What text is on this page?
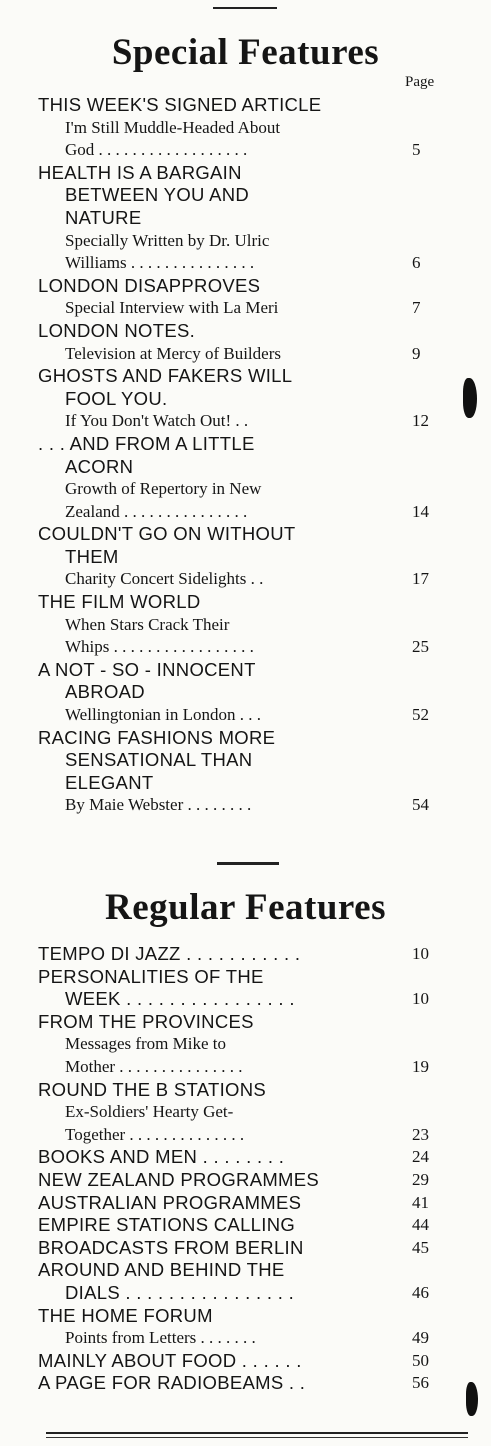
Special Features
Page
THIS WEEK'S SIGNED ARTICLE
I'm Still Muddle-Headed About
God . . . . . . . . . . . . . . . . . .	5
HEALTH IS A BARGAIN
BETWEEN YOU AND
NATURE
Specially Written by Dr. Ulric
Williams . . . . . . . . . . . . . . .	6
LONDON DISAPPROVES
Special Interview with La Meri	7
LONDON NOTES.
Television at Mercy of Builders	9
GHOSTS AND FAKERS WILL
FOOL YOU.
If You Don't Watch Out! . .	12
. . . AND FROM A LITTLE
ACORN
Growth of Repertory in New
Zealand . . . . . . . . . . . . . . .	14
COULDN'T GO ON WITHOUT
THEM
Charity Concert Sidelights . .	17
THE FILM WORLD
When Stars Crack Their
Whips . . . . . . . . . . . . . . . . .	25
A NOT - SO - INNOCENT
ABROAD
Wellingtonian in London . . .	52
RACING FASHIONS MORE
SENSATIONAL THAN
ELEGANT
By Maie Webster . . . . . . . .	54
Regular Features
TEMPO DI JAZZ . . . . . . . . . . .	10
PERSONALITIES OF THE
WEEK . . . . . . . . . . . . . . . .	10
FROM THE PROVINCES
Messages from Mike to
Mother . . . . . . . . . . . . . . .	19
ROUND THE B STATIONS
Ex-Soldiers' Hearty Get-
Together . . . . . . . . . . . . . .	23
BOOKS AND MEN . . . . . . . .	24
NEW ZEALAND PROGRAMMES	29
AUSTRALIAN PROGRAMMES	41
EMPIRE STATIONS CALLING	44
BROADCASTS FROM BERLIN	45
AROUND AND BEHIND THE
DIALS . . . . . . . . . . . . . . . .	46
THE HOME FORUM
Points from Letters . . . . . . .	49
MAINLY ABOUT FOOD . . . . . .	50
A PAGE FOR RADIOBEAMS . .	56
